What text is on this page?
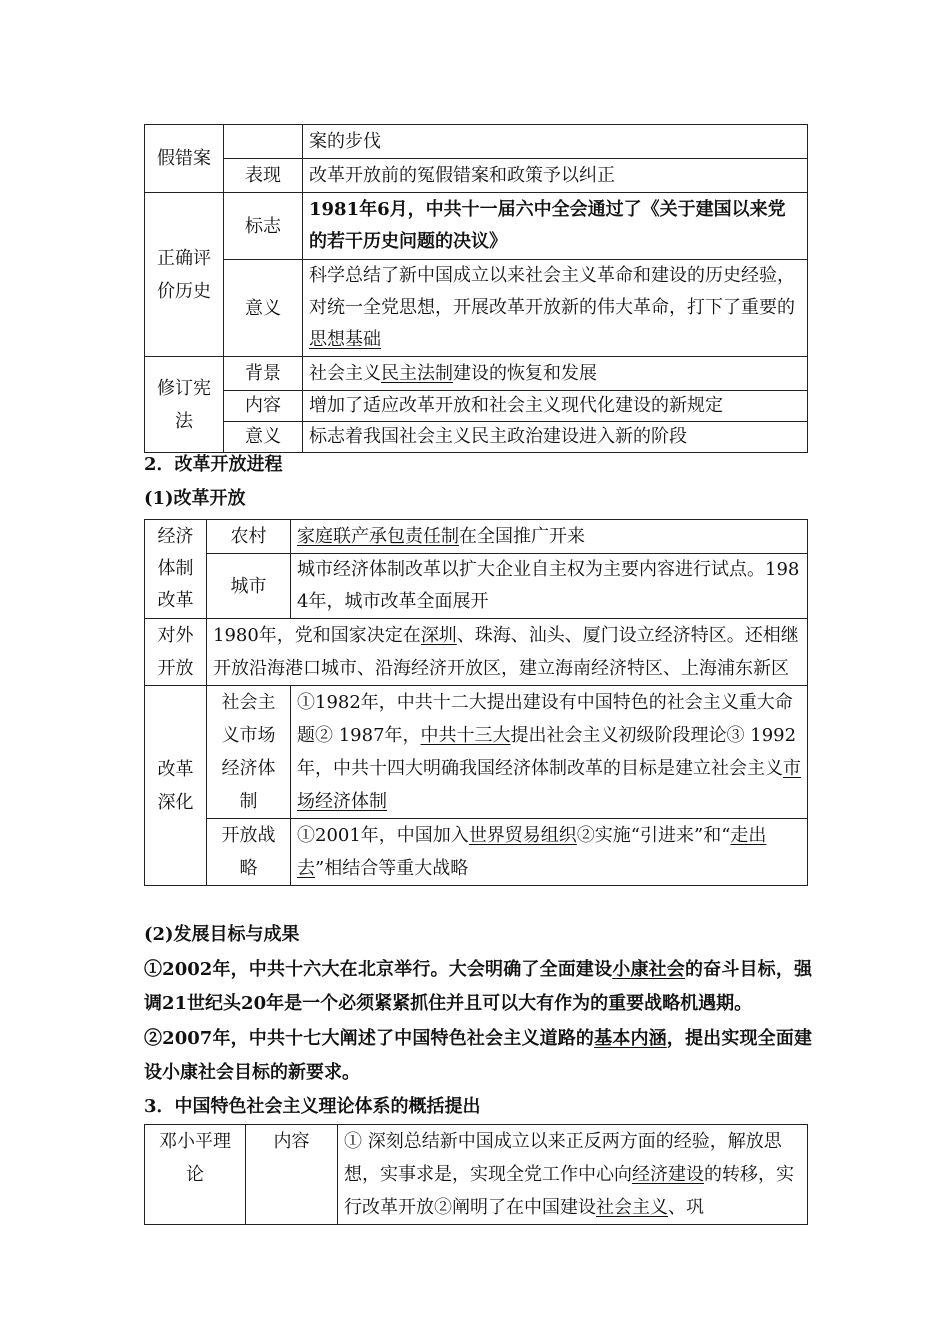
假错案		案的步伐
	表现	改革开放前的冤假错案和政策予以纠正
正确评价历史	标志	1981年6月，中共十一届六中全会通过了《关于建国以来党的若干历史问题的决议》
	意义	科学总结了新中国成立以来社会主义革命和建设的历史经验，对统一全党思想，开展改革开放新的伟大革命，打下了重要的思想基础
修订宪法	背景	社会主义民主法制建设的恢复和发展
	内容	增加了适应改革开放和社会主义现代化建设的新规定
	意义	标志着我国社会主义民主政治建设进入新的阶段

2．改革开放进程

(1)改革开放

经济体制改革	农村	家庭联产承包责任制在全国推广开来
	城市	城市经济体制改革以扩大企业自主权为主要内容进行试点。1984年，城市改革全面展开
对外开放	1980年，党和国家决定在深圳、珠海、汕头、厦门设立经济特区。还相继开放沿海港口城市、沿海经济开放区，建立海南经济特区、上海浦东新区	
改革深化	社会主义市场经济体制	①1982年，中共十二大提出建设有中国特色的社会主义重大命题② 1987年，中共十三大提出社会主义初级阶段理论③ 1992年，中共十四大明确我国经济体制改革的目标是建立社会主义市场经济体制
	开放战略	①2001年，中国加入世界贸易组织②实施“引进来”和“走出去”相结合等重大战略

(2)发展目标与成果

①2002年，中共十六大在北京举行。大会明确了全面建设小康社会的奋斗目标，强调21世纪头20年是一个必须紧紧抓住并且可以大有作为的重要战略机遇期。

②2007年，中共十七大阐述了中国特色社会主义道路的基本内涵，提出实现全面建设小康社会目标的新要求。

3．中国特色社会主义理论体系的概括提出

邓小平理论	内容	① 深刻总结新中国成立以来正反两方面的经验，解放思想，实事求是，实现全党工作中心向经济建设的转移，实行改革开放②阐明了在中国建设社会主义、巩
